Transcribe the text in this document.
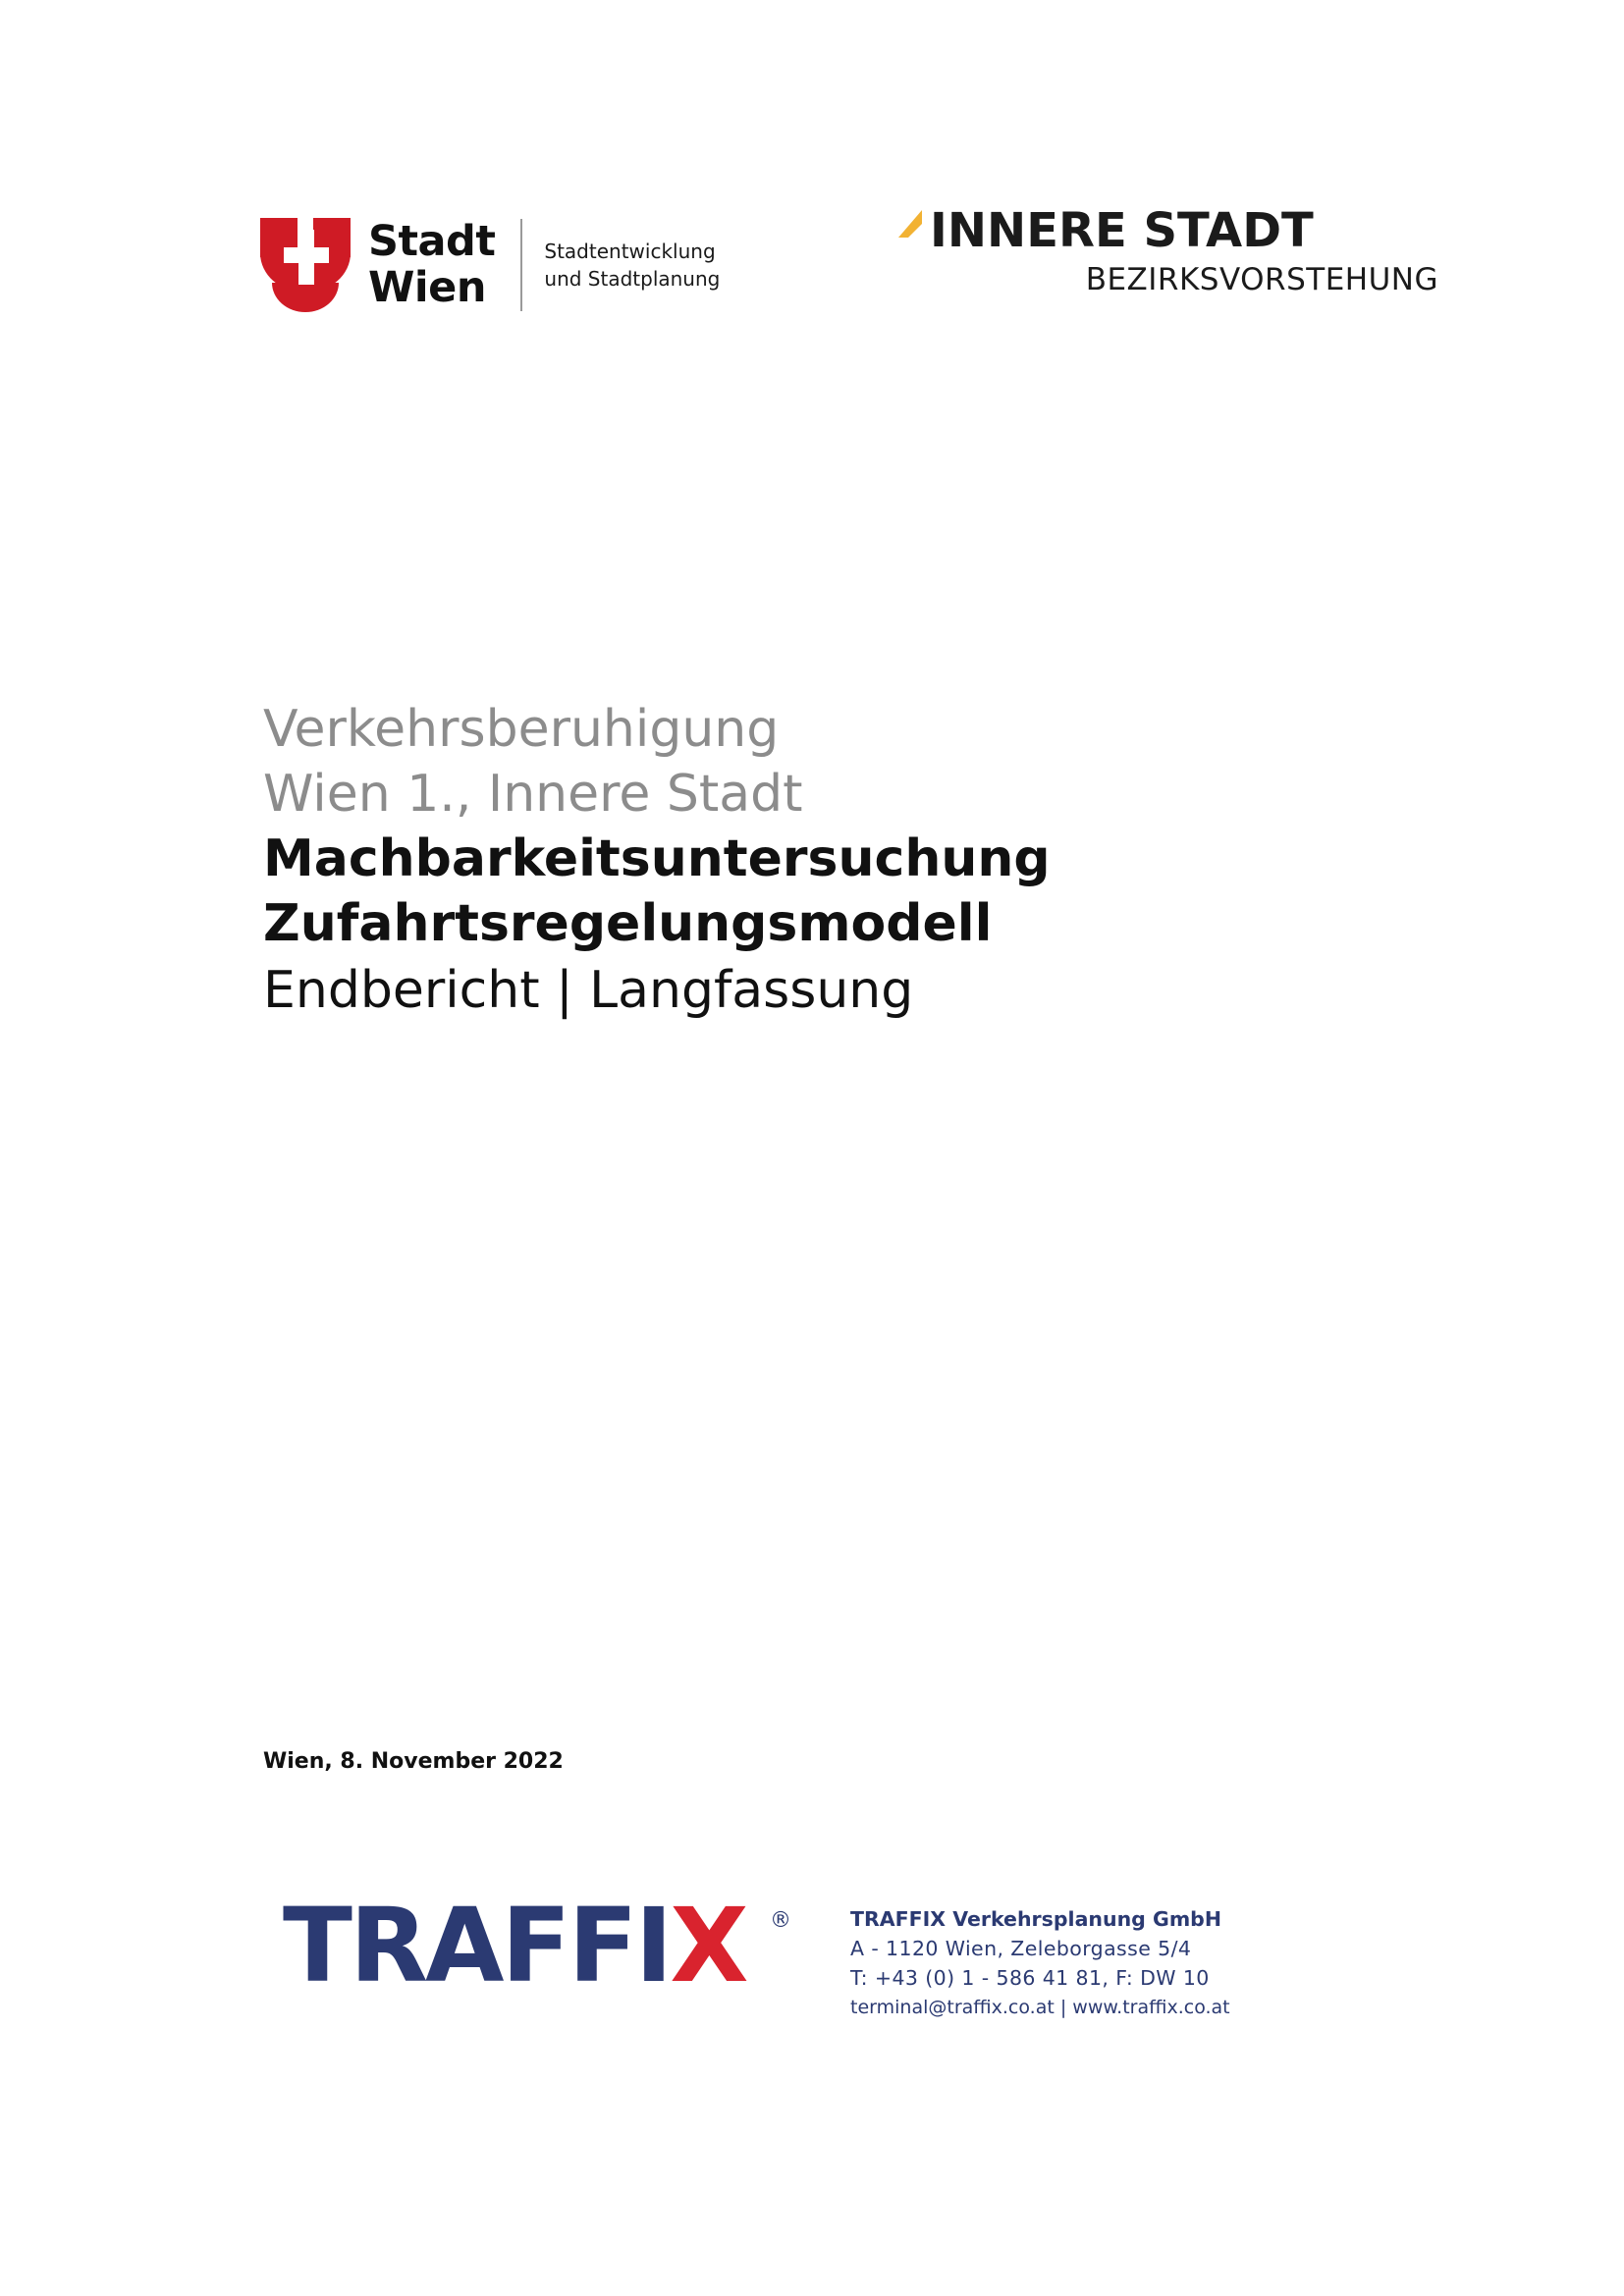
Stadt
Wien
Stadtentwicklung
und Stadtplanung
INNERE STADT
BEZIRKSVORSTEHUNG
Verkehrsberuhigung
Wien 1., Innere Stadt
Machbarkeitsuntersuchung
Zufahrtsregelungsmodell
Endbericht | Langfassung
Wien, 8. November 2022
TRAFFIX ®	TRAFFIX Verkehrsplanung GmbH
A - 1120 Wien, Zeleborgasse 5/4
T: +43 (0) 1 - 586 41 81, F: DW 10
terminal@traffix.co.at | www.traffix.co.at
